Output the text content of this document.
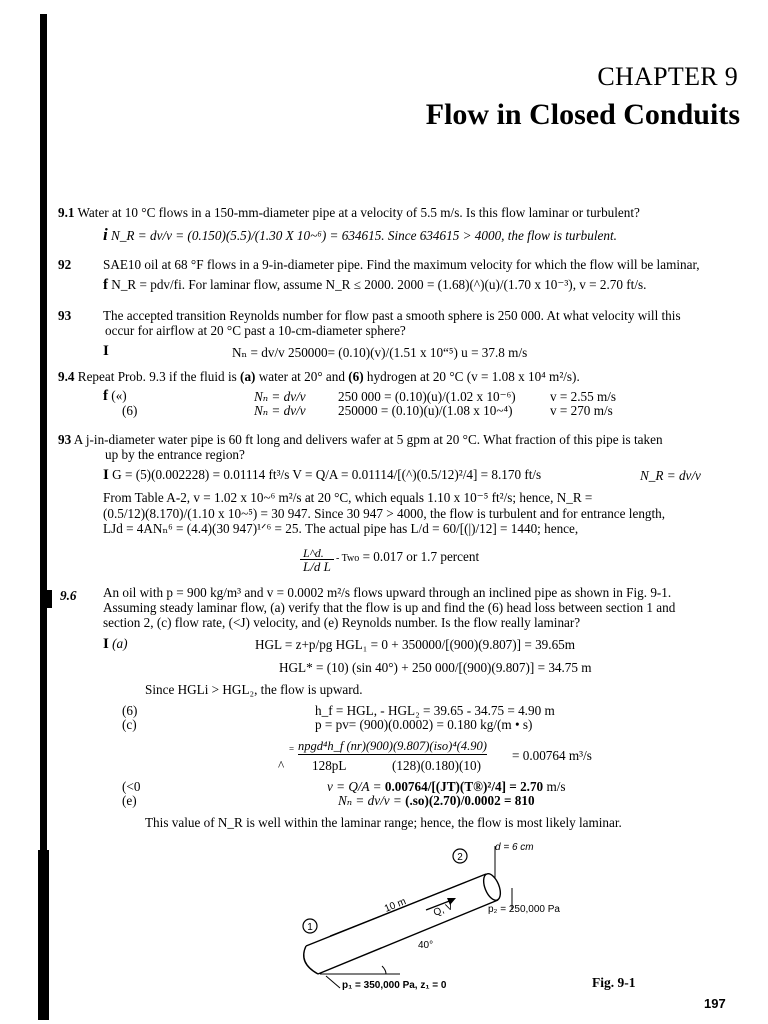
CHAPTER 9
Flow in Closed Conduits
9.1 Water at 10 °C flows in a 150-mm-diameter pipe at a velocity of 5.5 m/s. Is this flow laminar or turbulent?
i N_R = dv/v = (0.150)(5.5)/(1.30 X 10~⁶) = 634615. Since 634615 > 4000, the flow is turbulent.
92 SAE10 oil at 68 °F flows in a 9-in-diameter pipe. Find the maximum velocity for which the flow will be laminar,
f N_R = pdv/fi. For laminar flow, assume N_R ≤ 2000. 2000 = (1.68)(^)(u)/(1.70 x 10⁻³), v = 2.70 ft/s.
93 The accepted transition Reynolds number for flow past a smooth sphere is 250 000. At what velocity will this
occur for airflow at 20 °C past a 10-cm-diameter sphere?
I	Nₙ = dv/v 250000= (0.10)(v)/(1.51 x 10“⁵) u = 37.8 m/s
9.4 Repeat Prob. 9.3 if the fluid is (a) water at 20° and (6) hydrogen at 20 °C (v = 1.08 x 10⁴ m²/s).
f («)	Nₙ = dv/v 250 000 = (0.10)(u)/(1.02 x 10⁻⁶)	v = 2.55 m/s
(6)	Nₙ = dv/v 250000 = (0.10)(u)/(1.08 x 10~⁴)	v = 270 m/s
93 A j-in-diameter water pipe is 60 ft long and delivers wafer at 5 gpm at 20 °C. What fraction of this pipe is taken
up by the entrance region?
I G = (5)(0.002228) = 0.01114 ft³/s V = Q/A = 0.01114/[(^)(0.5/12)²/4] = 8.170 ft/s	N_R = dv/v
From Table A-2, v = 1.02 x 10~⁶ m²/s at 20 °C, which equals 1.10 x 10⁻⁵ ft²/s; hence, N_R =
(0.5/12)(8.170)/(1.10 x 10~⁵) = 30 947. Since 30 947 > 4000, the flow is turbulent and for entrance length,
LJd = 4ANₙ⁶ = (4.4)(30 947)¹ᐟ⁶ = 25. The actual pipe has L/d = 60/[(|)/12] = 1440; hence,
$\frac{L\^{}d.}{\text{L/d L}}$ - Two = 0.017 or 1.7 percent
9.6 An oil with p = 900 kg/m³ and v = 0.0002 m²/s flows upward through an inclined pipe as shown in Fig. 9-1.
Assuming steady laminar flow, (a) verify that the flow is up and find the (6) head loss between section 1 and
section 2, (c) flow rate, (<J) velocity, and (e) Reynolds number. Is the flow really laminar?
I (a)	HGL = z+p/pg HGL₁ = 0 + 350000/[(900)(9.807)] = 39.65m
HGL* = (10) (sin 40°) + 250 000/[(900)(9.807)] = 34.75 m
Since HGLi > HGL₂, the flow is upward.
(6)	h_f = HGL, - HGL₂ = 39.65 - 34.75 = 4.90 m
(c)	p = pv= (900)(0.0002) = 0.180 kg/(m • s)
= npgd⁴h_f (nr)(900)(9.807)(iso)⁴(4.90)
^ 128pL	(128)(0.180)(10)
= 0.00764 m³/s
(<0	v = Q/A = 0.00764/[(JT)(T®)²/4] = 2.70 m/s
(e)	Nₙ = dv/v = (.so)(2.70)/0.0002 = 810
This value of N_R is well within the laminar range; hence, the flow is most likely laminar.
1
2
d = 6 cm
10 m Q, V	p₂ = 250,000 Pa
40°
p₁ = 350,000 Pa, z₁ = 0	Fig. 9-1
197
